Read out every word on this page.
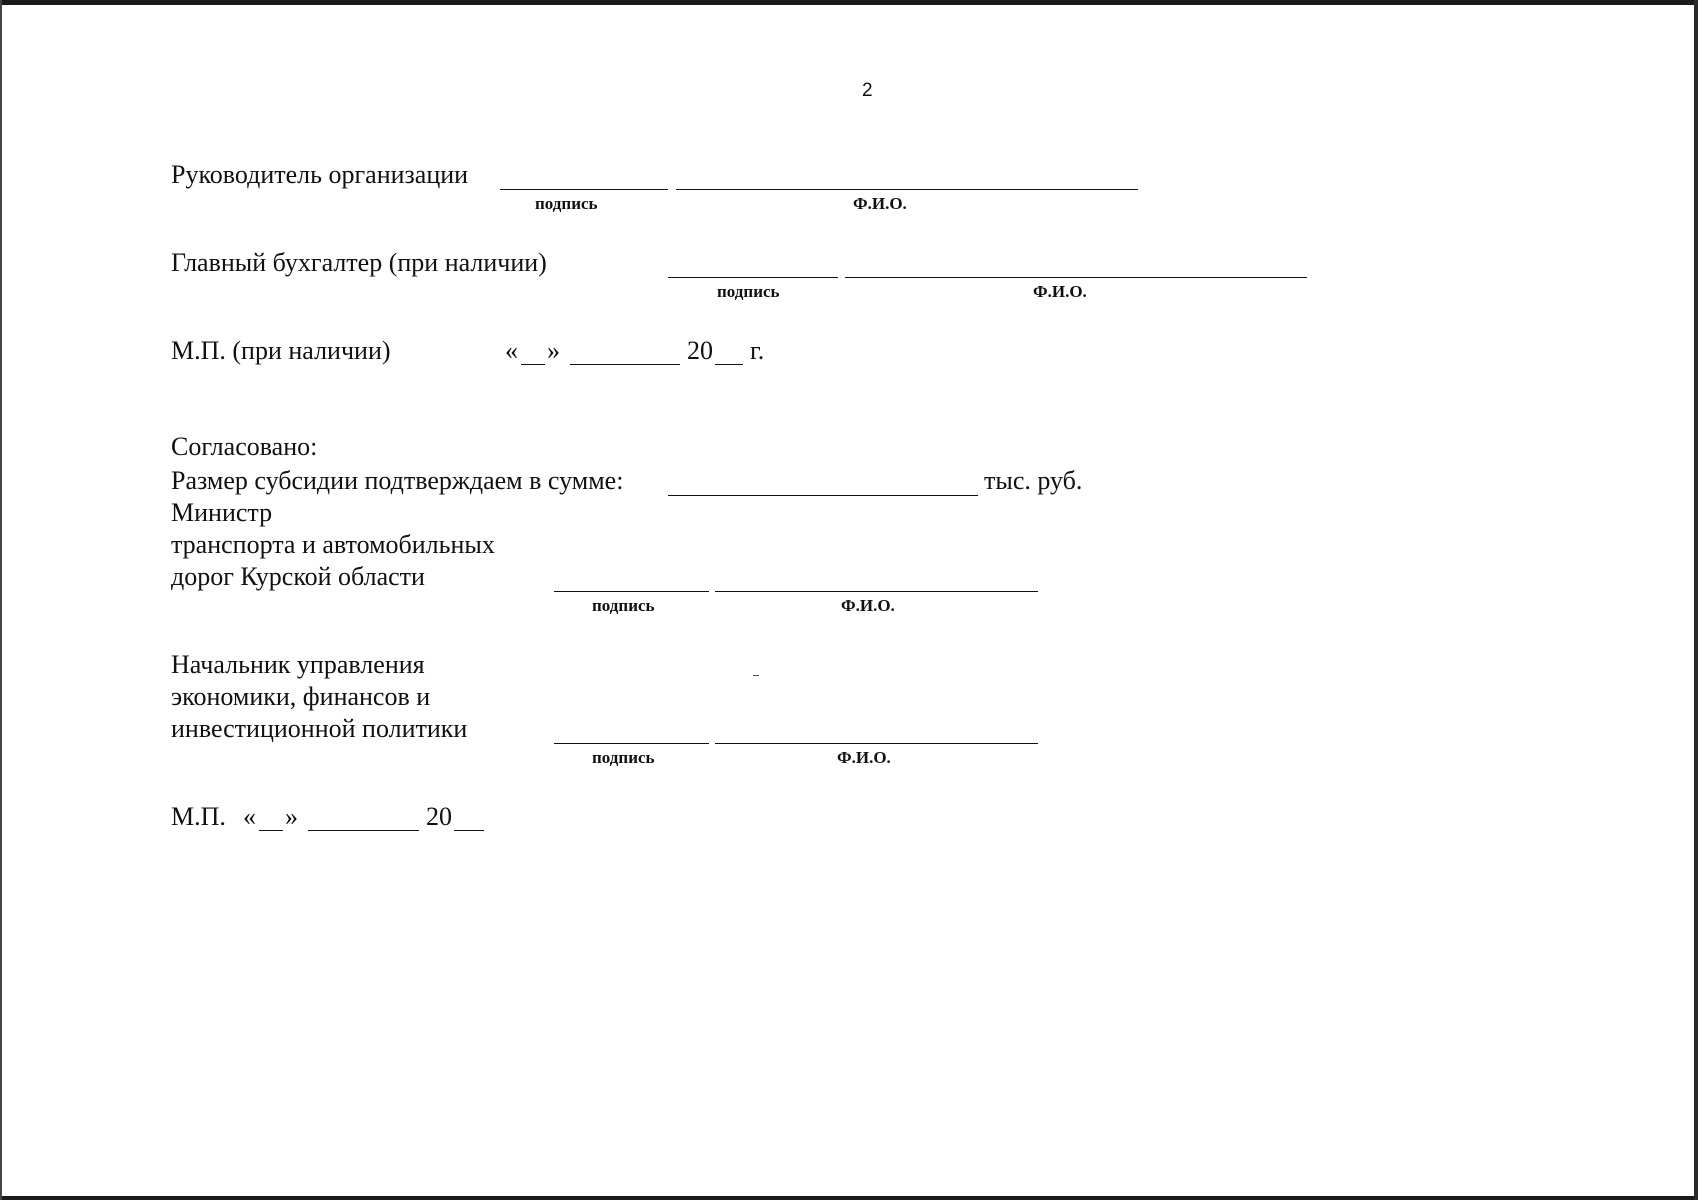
2
Руководитель организации
подпись	Ф.И.О.
Главный бухгалтер (при наличии)
подпись	Ф.И.О.
М.П. (при наличии)	« »	20 г.
Согласовано:
Размер субсидии подтверждаем в сумме:	тыс. руб.
Министр
транспорта и автомобильных
дорог Курской области
подпись	Ф.И.О.
Начальник управления
экономики, финансов и
инвестиционной политики
подпись	Ф.И.О.
М.П. « »	20
